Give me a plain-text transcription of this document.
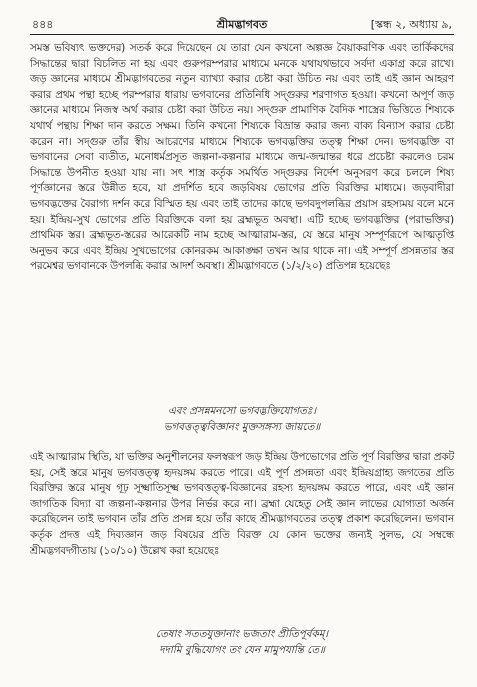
৪৪৪	শ্রীমদ্ভাগবত	[স্কন্ধ ২, অধ্যায় ৯,
সমস্ত ভবিষ্যৎ ভক্তদের) সতর্ক করে দিয়েছেন যে তারা যেন কখনো অল্পজ্ঞ বৈয়াকরণিক এবং তার্কিকদের সিদ্ধান্তের দ্বারা বিচলিত না হয় এবং গুরুপরম্পরার মাধ্যমে মনকে যথাযথভাবে সর্বদা একাগ্র করে রাখে। জড় জ্ঞানের মাধ্যমে শ্রীমদ্ভাগবতের নতুন ব্যাখ্যা করার চেষ্টা করা উচিত নয় এবং তাই এই জ্ঞান আহরণ করার প্রথম পন্থা হচ্ছে পরম্পরার ধারায় ভগবানের প্রতিনিধি সদ্গুরুর শরণাগত হওয়া। কখনো অপূর্ণ জড় জ্ঞানের মাধ্যমে নিজস্ব অর্থ করার চেষ্টা করা উচিত নয়। সদ্গুরু প্রামাণিক বৈদিক শাস্ত্রের ভিত্তিতে শিষ্যকে যথার্থ পন্থায় শিক্ষা দান করতে সক্ষম। তিনি কখনো শিষ্যকে বিভ্রান্ত করার জন্য বাক্য বিন্যাস করার চেষ্টা করেন না। সদ্গুরু তাঁর স্বীয় আচরণের মাধ্যমে শিষ্যকে ভগবদ্ভক্তির তত্ত্ব শিক্ষা দেন। ভগবদ্ভক্তি বা ভগবানের সেবা ব্যতীত, মনোধর্মপ্রসূত জল্পনা-কল্পনার মাধ্যমে জন্ম-জন্মান্তর ধরে প্রচেষ্টা করলেও চরম সিদ্ধান্তে উপনীত হওয়া যায় না। সৎ শাস্ত্র কর্তৃক সমর্থিত সদ্গুরুর নির্দেশ অনুসরণ করে চললে শিষ্য পূর্ণজ্ঞানের স্তরে উন্নীত হবে, যা প্রদর্শিত হবে জড়বিষয় ভোগের প্রতি বিরক্তির মাধ্যমে। জড়বাদীরা ভগবদ্ভক্তের বৈরাগ্য দর্শন করে বিস্মিত হয় এবং তাই তাদের কাছে ভগবদুপলব্ধির প্রয়াস রহস্যময় বলে মনে হয়। ইন্দ্রিয়-সুখ ভোগের প্রতি বিরক্তিকে বলা হয় ব্রহ্মভূত অবস্থা। এটি হচ্ছে ভগবদ্ভক্তির (পরাভক্তির) প্রাথমিক স্তর। ব্রহ্মভূত-স্তরের আরেকটি নাম হচ্ছে আত্মারাম-স্তর, যে স্তরে মানুষ সম্পূর্ণরূপে আত্মতৃপ্তি অনুভব করে এবং ইন্দ্রিয় সুখভোগের কোনরকম আকাঙ্ক্ষা তখন আর থাকে না। এই সম্পূর্ণ প্রসন্নতার স্তর পরমেশ্বর ভগবানকে উপলব্ধি করার আদর্শ অবস্থা। শ্রীমদ্ভাগবতে (১/২/২০) প্রতিপন্ন হয়েছেঃ
এবং প্রসন্নমনসো ভগবদ্ভক্তিযোগতঃ।
ভগবত্তত্ত্ববিজ্ঞানং মুক্তসঙ্গস্য জায়তে॥
এই আত্মারাম স্থিতি, যা ভক্তির অনুশীলনের ফলস্বরূপ জড় ইন্দ্রিয় উপভোগের প্রতি পূর্ণ বিরক্তির দ্বারা প্রকট হয়, সেই স্তরে মানুষ ভগবত্তত্ত্ব হৃদয়ঙ্গম করতে পারে। এই পূর্ণ প্রসন্নতা এবং ইন্দ্রিয়গ্রাহ্য জগতের প্রতি বিরক্তির স্তরে মানুষ গূঢ় সূক্ষ্মাতিসূক্ষ্ম ভগবত্তত্ত্ব-বিজ্ঞানের রহস্য হৃদয়ঙ্গম করতে পারে, এবং এই জ্ঞান জাগতিক বিদ্যা বা জল্পনা-কল্পনার উপর নির্ভর করে না। ব্রহ্মা যেহেতু সেই জ্ঞান লাভের যোগ্যতা অর্জন করেছিলেন তাই ভগবান তাঁর প্রতি প্রসন্ন হয়ে তাঁর কাছে শ্রীমদ্ভাগবতের তত্ত্ব প্রকাশ করেছিলেন। ভগবান কর্তৃক প্রদত্ত এই দিব্যজ্ঞান জড় বিষয়ের প্রতি বিরক্ত যে কোন ভক্তের জন্যই সুলভ, যে সম্বন্ধে শ্রীমদ্ভগবদ্গীতায় (১০/১০) উল্লেখ করা হয়েছেঃ
তেষাং সততযুক্তানাং ভজতাং প্রীতিপূর্বকম্।
দদামি বুদ্ধিযোগং তং যেন মামুপযান্তি তে॥
